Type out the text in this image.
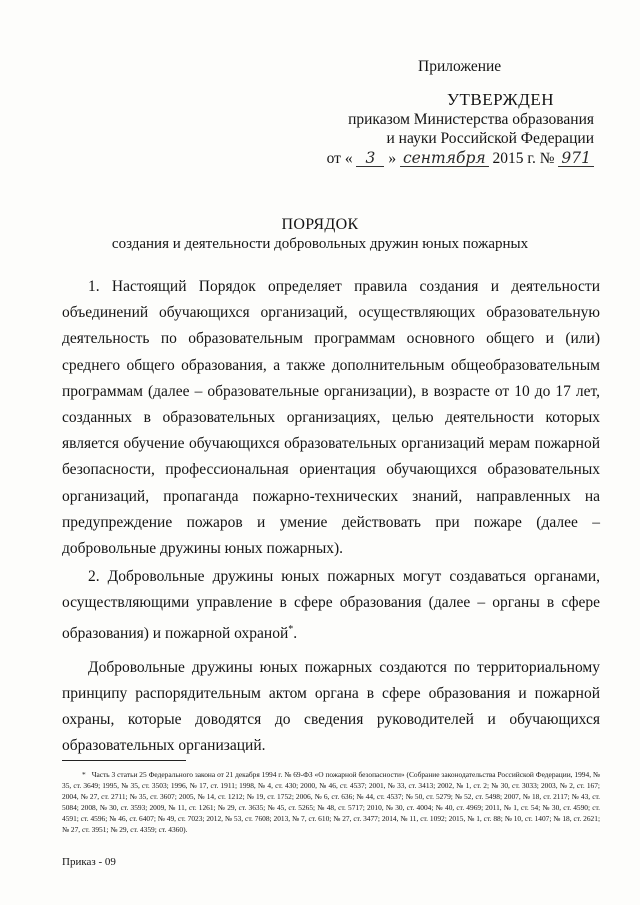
Приложение
УТВЕРЖДЕН
приказом Министерства образования
и науки Российской Федерации
от « 3 » сентября 2015 г. № 971
ПОРЯДОК
создания и деятельности добровольных дружин юных пожарных

1. Настоящий Порядок определяет правила создания и деятельности объединений обучающихся организаций, осуществляющих образовательную деятельность по образовательным программам основного общего и (или) среднего общего образования, а также дополнительным общеобразовательным программам (далее – образовательные организации), в возрасте от 10 до 17 лет, созданных в образовательных организациях, целью деятельности которых является обучение обучающихся образовательных организаций мерам пожарной безопасности, профессиональная ориентация обучающихся образовательных организаций, пропаганда пожарно-технических знаний, направленных на предупреждение пожаров и умение действовать при пожаре (далее – добровольные дружины юных пожарных).

2. Добровольные дружины юных пожарных могут создаваться органами, осуществляющими управление в сфере образования (далее – органы в сфере образования) и пожарной охраной*.

Добровольные дружины юных пожарных создаются по территориальному принципу распорядительным актом органа в сфере образования и пожарной охраны, которые доводятся до сведения руководителей и обучающихся образовательных организаций.

* Часть 3 статьи 25 Федерального закона от 21 декабря 1994 г. № 69-ФЗ «О пожарной безопасности» (Собрание законодательства Российской Федерации, 1994, № 35, ст. 3649; 1995, № 35, ст. 3503; 1996, № 17, ст. 1911; 1998, № 4, ст. 430; 2000, № 46, ст. 4537; 2001, № 33, ст. 3413; 2002, № 1, ст. 2; № 30, ст. 3033; 2003, № 2, ст. 167; 2004, № 27, ст. 2711; № 35, ст. 3607; 2005, № 14, ст. 1212; № 19, ст. 1752; 2006, № 6, ст. 636; № 44, ст. 4537; № 50, ст. 5279; № 52, ст. 5498; 2007, № 18, ст. 2117; № 43, ст. 5084; 2008, № 30, ст. 3593; 2009, № 11, ст. 1261; № 29, ст. 3635; № 45, ст. 5265; № 48, ст. 5717; 2010, № 30, ст. 4004; № 40, ст. 4969; 2011, № 1, ст. 54; № 30, ст. 4590; ст. 4591; ст. 4596; № 46, ст. 6407; № 49, ст. 7023; 2012, № 53, ст. 7608; 2013, № 7, ст. 610; № 27, ст. 3477; 2014, № 11, ст. 1092; 2015, № 1, ст. 88; № 10, ст. 1407; № 18, ст. 2621; № 27, ст. 3951; № 29, ст. 4359; ст. 4360).

Приказ - 09
